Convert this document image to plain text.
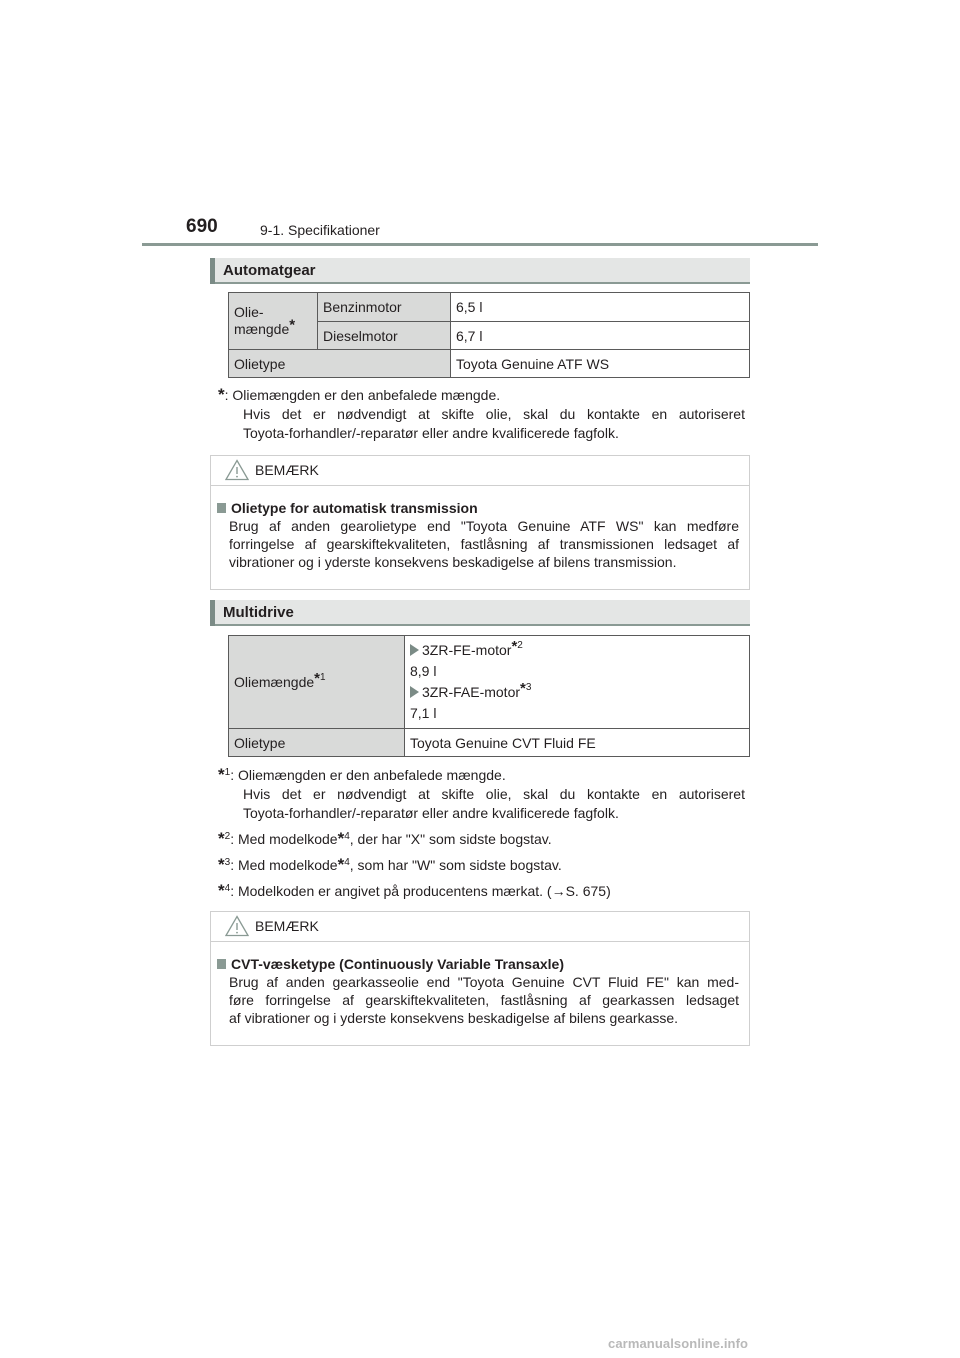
690	9-1. Specifikationer
Automatgear
Olie-
mængde*	Benzinmotor	6,5 l
	Dieselmotor	6,7 l
Olietype		Toyota Genuine ATF WS
*: Oliemængden er den anbefalede mængde.
Hvis det er nødvendigt at skifte olie, skal du kontakte en autoriseret
Toyota-forhandler/-reparatør eller andre kvalificerede fagfolk.
BEMÆRK
Olietype for automatisk transmission
Brug af anden gearolietype end "Toyota Genuine ATF WS" kan medføre
forringelse af gearskiftekvaliteten, fastlåsning af transmissionen ledsaget af
vibrationer og i yderste konsekvens beskadigelse af bilens transmission.
Multidrive
Oliemængde$^{*^1}$	3ZR-FE-motor$^{*^2}$
8,9 l
3ZR-FAE-motor$^{*^3}$
7,1 l

Olietype	Toyota Genuine CVT Fluid FE
*$^1$: Oliemængden er den anbefalede mængde.
Hvis det er nødvendigt at skifte olie, skal du kontakte en autoriseret
Toyota-forhandler/-reparatør eller andre kvalificerede fagfolk.
*$^2$: Med modelkode*$^4$, der har "X" som sidste bogstav.
*$^3$: Med modelkode*$^4$, som har "W" som sidste bogstav.
*$^4$: Modelkoden er angivet på producentens mærkat. (→S. 675)
BEMÆRK
CVT-væsketype (Continuously Variable Transaxle)
Brug af anden gearkasseolie end "Toyota Genuine CVT Fluid FE" kan med-
føre forringelse af gearskiftekvaliteten, fastlåsning af gearkassen ledsaget
af vibrationer og i yderste konsekvens beskadigelse af bilens gearkasse.
carmanualsonline.info
